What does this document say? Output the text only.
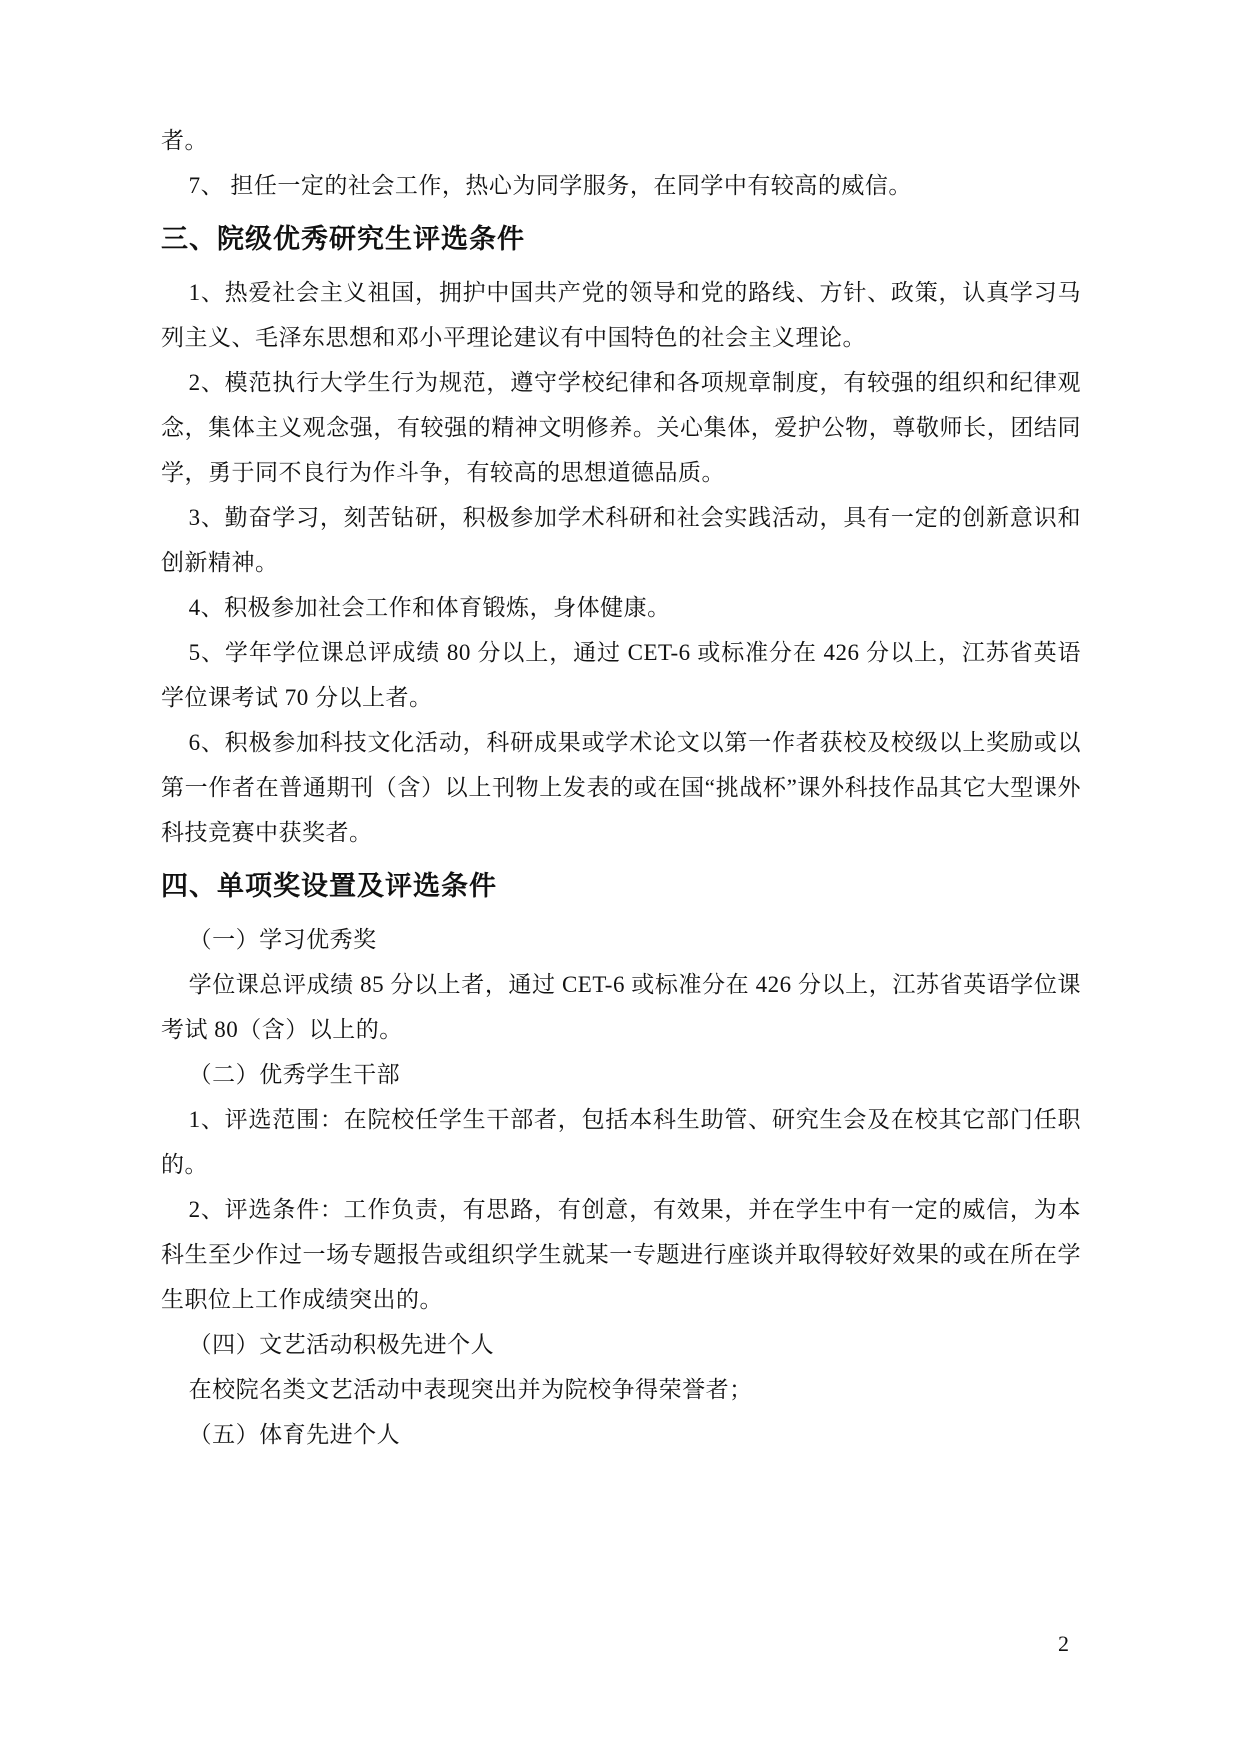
者。

7、 担任一定的社会工作，热心为同学服务，在同学中有较高的威信。

三、院级优秀研究生评选条件

1、热爱社会主义祖国，拥护中国共产党的领导和党的路线、方针、政策，认真学习马列主义、毛泽东思想和邓小平理论建议有中国特色的社会主义理论。

2、模范执行大学生行为规范，遵守学校纪律和各项规章制度，有较强的组织和纪律观念，集体主义观念强，有较强的精神文明修养。关心集体，爱护公物，尊敬师长，团结同学，勇于同不良行为作斗争，有较高的思想道德品质。

3、勤奋学习，刻苦钻研，积极参加学术科研和社会实践活动，具有一定的创新意识和创新精神。

4、积极参加社会工作和体育锻炼，身体健康。

5、学年学位课总评成绩 80 分以上，通过 CET-6 或标准分在 426 分以上，江苏省英语学位课考试 70 分以上者。

6、积极参加科技文化活动，科研成果或学术论文以第一作者获校及校级以上奖励或以第一作者在普通期刊（含）以上刊物上发表的或在国“挑战杯”课外科技作品其它大型课外科技竞赛中获奖者。

四、单项奖设置及评选条件

（一）学习优秀奖

学位课总评成绩 85 分以上者，通过 CET-6 或标准分在 426 分以上，江苏省英语学位课考试 80（含）以上的。

（二）优秀学生干部

1、评选范围：在院校任学生干部者，包括本科生助管、研究生会及在校其它部门任职的。

2、评选条件：工作负责，有思路，有创意，有效果，并在学生中有一定的威信，为本科生至少作过一场专题报告或组织学生就某一专题进行座谈并取得较好效果的或在所在学生职位上工作成绩突出的。

（四）文艺活动积极先进个人

在校院名类文艺活动中表现突出并为院校争得荣誉者；

（五）体育先进个人

2
